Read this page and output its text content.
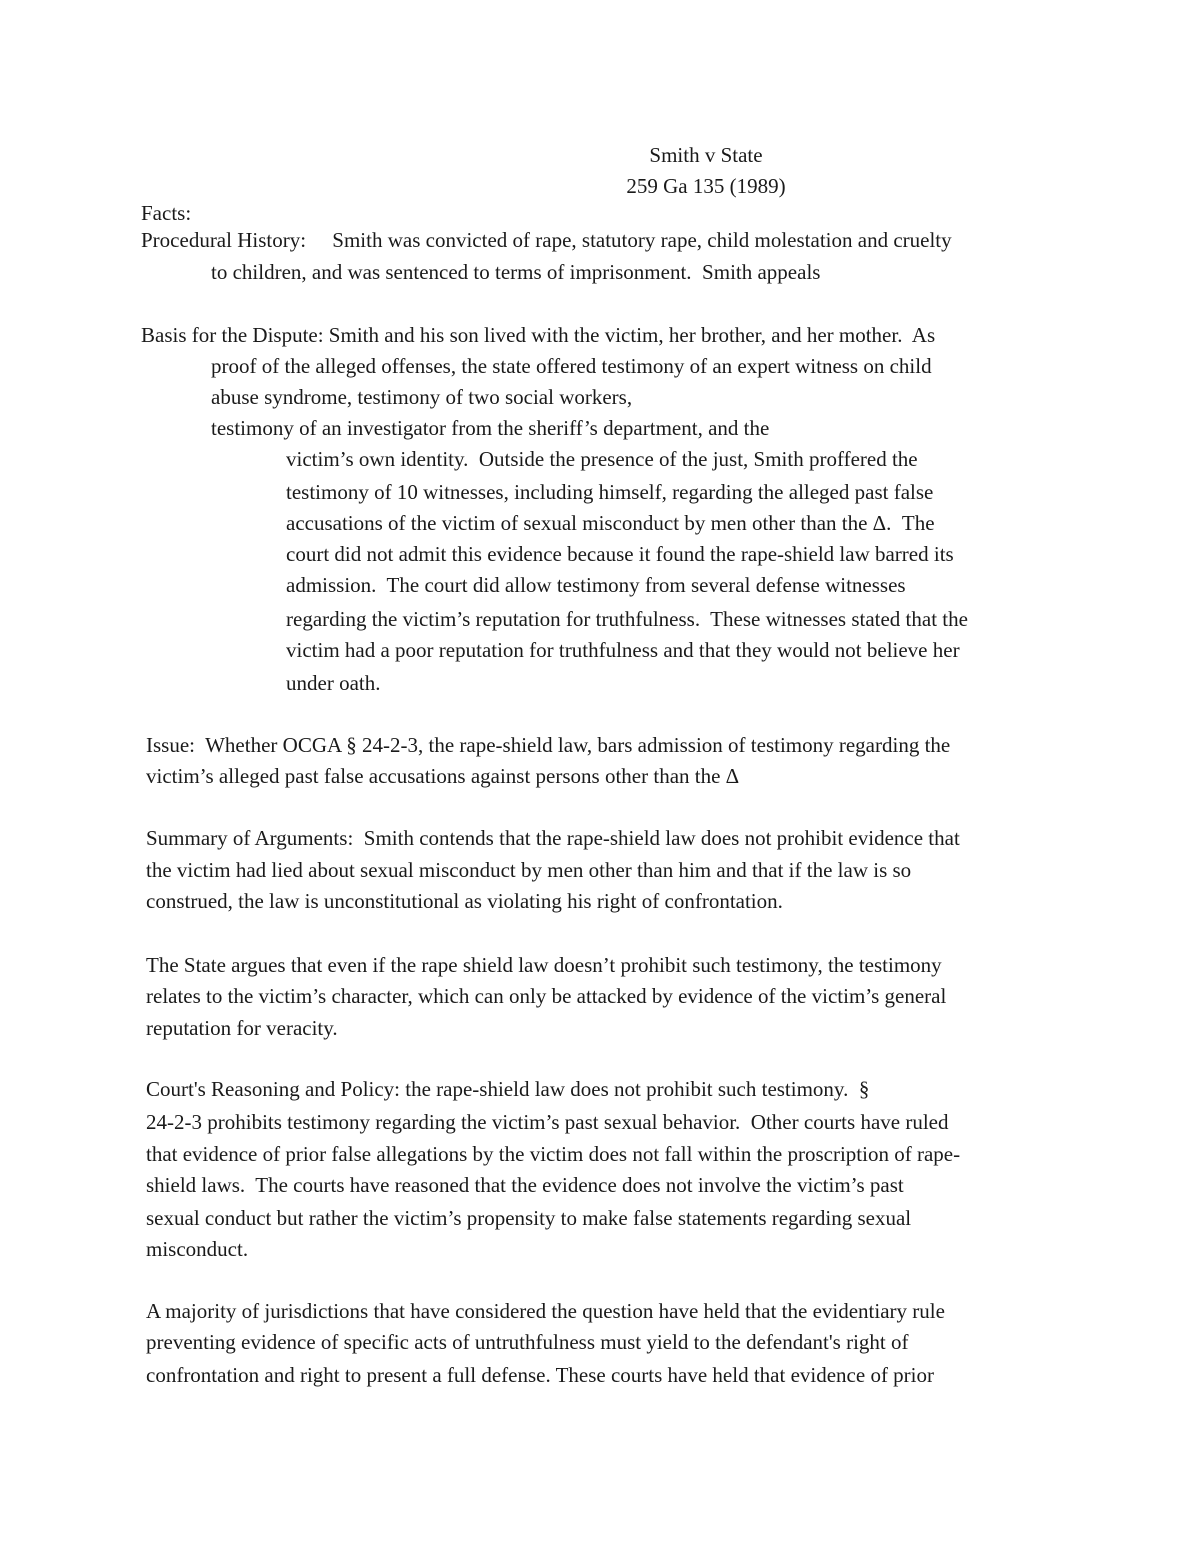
Smith v State
259 Ga 135 (1989)
Facts:
Procedural History:     Smith was convicted of rape, statutory rape, child molestation and cruelty
to children, and was sentenced to terms of imprisonment.  Smith appeals
Basis for the Dispute: Smith and his son lived with the victim, her brother, and her mother.  As
proof of the alleged offenses, the state offered testimony of an expert witness on child
abuse syndrome, testimony of two social workers,
testimony of an investigator from the sheriff’s department, and the
victim’s own identity.  Outside the presence of the just, Smith proffered the
testimony of 10 witnesses, including himself, regarding the alleged past false
accusations of the victim of sexual misconduct by men other than the Δ.  The
court did not admit this evidence because it found the rape-shield law barred its
admission.  The court did allow testimony from several defense witnesses
regarding the victim’s reputation for truthfulness.  These witnesses stated that the
victim had a poor reputation for truthfulness and that they would not believe her
under oath.
Issue:  Whether OCGA § 24-2-3, the rape-shield law, bars admission of testimony regarding the
victim’s alleged past false accusations against persons other than the Δ
Summary of Arguments:  Smith contends that the rape-shield law does not prohibit evidence that
the victim had lied about sexual misconduct by men other than him and that if the law is so
construed, the law is unconstitutional as violating his right of confrontation.
The State argues that even if the rape shield law doesn’t prohibit such testimony, the testimony
relates to the victim’s character, which can only be attacked by evidence of the victim’s general
reputation for veracity.
Court's Reasoning and Policy: the rape-shield law does not prohibit such testimony.  §
24-2-3 prohibits testimony regarding the victim’s past sexual behavior.  Other courts have ruled
that evidence of prior false allegations by the victim does not fall within the proscription of rape-
shield laws.  The courts have reasoned that the evidence does not involve the victim’s past
sexual conduct but rather the victim’s propensity to make false statements regarding sexual
misconduct.
A majority of jurisdictions that have considered the question have held that the evidentiary rule
preventing evidence of specific acts of untruthfulness must yield to the defendant's right of
confrontation and right to present a full defense. These courts have held that evidence of prior
